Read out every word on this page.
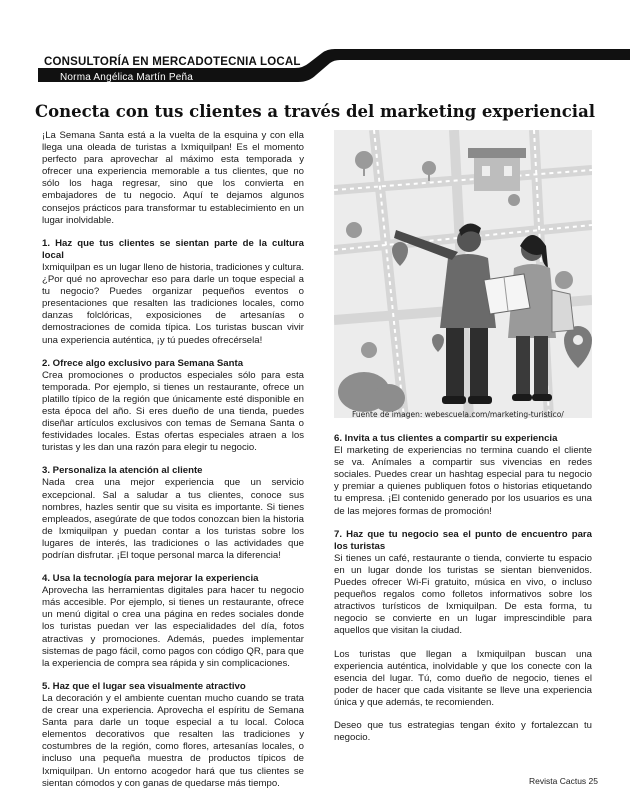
CONSULTORÍA EN MERCADOTECNIA LOCAL
Norma Angélica Martín Peña
Conecta con tus clientes a través del marketing experiencial

¡La Semana Santa está a la vuelta de la esquina y con ella llega una oleada de turistas a Ixmiquilpan! Es el momento perfecto para aprovechar al máximo esta temporada y ofrecer una experiencia memorable a tus clientes, que no sólo los haga regresar, sino que los convierta en embajadores de tu negocio. Aquí te dejamos algunos consejos prácticos para transformar tu establecimiento en un lugar inolvidable.

1. Haz que tus clientes se sientan parte de la cultura local
Ixmiquilpan es un lugar lleno de historia, tradiciones y cultura. ¿Por qué no aprovechar eso para darle un toque especial a tu negocio? Puedes organizar pequeños eventos o presentaciones que resalten las tradiciones locales, como danzas folclóricas, exposiciones de artesanías o demostraciones de comida típica. Los turistas buscan vivir una experiencia auténtica, ¡y tú puedes ofrecérsela!

2. Ofrece algo exclusivo para Semana Santa
Crea promociones o productos especiales sólo para esta temporada. Por ejemplo, si tienes un restaurante, ofrece un platillo típico de la región que únicamente esté disponible en esta época del año. Si eres dueño de una tienda, puedes diseñar artículos exclusivos con temas de Semana Santa o festividades locales. Estas ofertas especiales atraen a los turistas y les dan una razón para elegir tu negocio.

3. Personaliza la atención al cliente
Nada crea una mejor experiencia que un servicio excepcional. Sal a saludar a tus clientes, conoce sus nombres, hazles sentir que su visita es importante. Si tienes empleados, asegúrate de que todos conozcan bien la historia de Ixmiquilpan y puedan contar a los turistas sobre los lugares de interés, las tradiciones o las actividades que podrían disfrutar. ¡El toque personal marca la diferencia!

4. Usa la tecnología para mejorar la experiencia
Aprovecha las herramientas digitales para hacer tu negocio más accesible. Por ejemplo, si tienes un restaurante, ofrece un menú digital o crea una página en redes sociales donde los turistas puedan ver las especialidades del día, fotos atractivas y promociones. Además, puedes implementar sistemas de pago fácil, como pagos con código QR, para que la experiencia de compra sea rápida y sin complicaciones.

5. Haz que el lugar sea visualmente atractivo
La decoración y el ambiente cuentan mucho cuando se trata de crear una experiencia. Aprovecha el espíritu de Semana Santa para darle un toque especial a tu local. Coloca elementos decorativos que resalten las tradiciones y costumbres de la región, como flores, artesanías locales, o incluso una pequeña muestra de productos típicos de Ixmiquilpan. Un entorno acogedor hará que tus clientes se sientan cómodos y con ganas de quedarse más tiempo.

Fuente de imagen: webescuela.com/marketing-turistico/

6. Invita a tus clientes a compartir su experiencia
El marketing de experiencias no termina cuando el cliente se va. Anímales a compartir sus vivencias en redes sociales. Puedes crear un hashtag especial para tu negocio y premiar a quienes publiquen fotos o historias etiquetando tu empresa. ¡El contenido generado por los usuarios es una de las mejores formas de promoción!

7. Haz que tu negocio sea el punto de encuentro para los turistas
Si tienes un café, restaurante o tienda, convierte tu espacio en un lugar donde los turistas se sientan bienvenidos. Puedes ofrecer Wi-Fi gratuito, música en vivo, o incluso pequeños regalos como folletos informativos sobre los atractivos turísticos de Ixmiquilpan. De esta forma, tu negocio se convierte en un lugar imprescindible para aquellos que visitan la ciudad.

Los turistas que llegan a Ixmiquilpan buscan una experiencia auténtica, inolvidable y que los conecte con la esencia del lugar. Tú, como dueño de negocio, tienes el poder de hacer que cada visitante se lleve una experiencia única y que además, te recomienden.

Deseo que tus estrategias tengan éxito y fortalezcan tu negocio.

Revista Cactus 25
